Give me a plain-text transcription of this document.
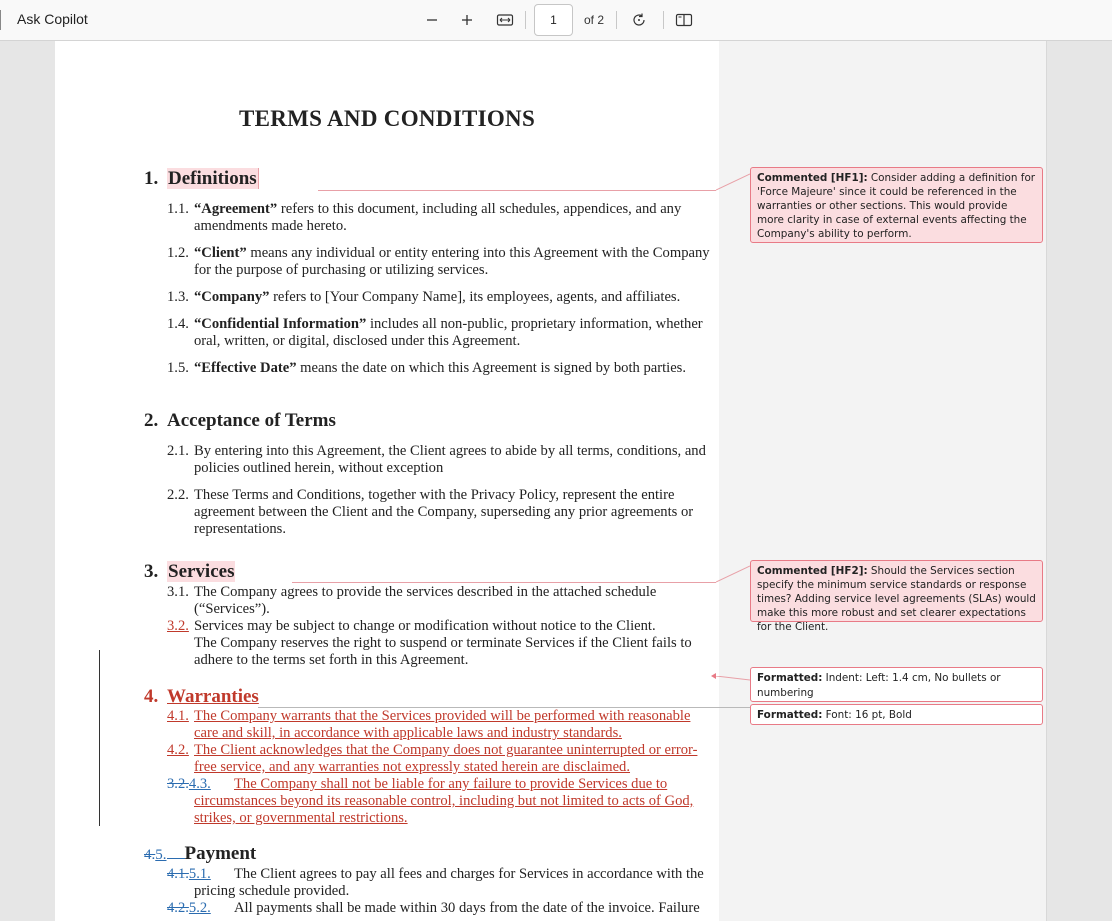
Ask Copilot	1	of 2
TERMS AND CONDITIONS
1. Definitions
1.1. “Agreement” refers to this document, including all schedules, appendices, and any amendments made hereto.
1.2. “Client” means any individual or entity entering into this Agreement with the Company for the purpose of purchasing or utilizing services.
1.3. “Company” refers to [Your Company Name], its employees, agents, and affiliates.
1.4. “Confidential Information” includes all non-public, proprietary information, whether oral, written, or digital, disclosed under this Agreement.
1.5. “Effective Date” means the date on which this Agreement is signed by both parties.
2. Acceptance of Terms
2.1. By entering into this Agreement, the Client agrees to abide by all terms, conditions, and policies outlined herein, without exception
2.2. These Terms and Conditions, together with the Privacy Policy, represent the entire agreement between the Client and the Company, superseding any prior agreements or representations.
3. Services
3.1. The Company agrees to provide the services described in the attached schedule (“Services”).
3.2. Services may be subject to change or modification without notice to the Client.
The Company reserves the right to suspend or terminate Services if the Client fails to adhere to the terms set forth in this Agreement.
4. Warranties
4.1. The Company warrants that the Services provided will be performed with reasonable care and skill, in accordance with applicable laws and industry standards.
4.2. The Client acknowledges that the Company does not guarantee uninterrupted or error-free service, and any warranties not expressly stated herein are disclaimed.
3.2.4.3.	The Company shall not be liable for any failure to provide Services due to circumstances beyond its reasonable control, including but not limited to acts of God, strikes, or governmental restrictions.
4.5. Payment
4.1.5.1.	The Client agrees to pay all fees and charges for Services in accordance with the pricing schedule provided.
4.2.5.2.	All payments shall be made within 30 days from the date of the invoice. Failure
Commented [HF1]: Consider adding a definition for 'Force Majeure' since it could be referenced in the warranties or other sections. This would provide more clarity in case of external events affecting the Company's ability to perform.
Commented [HF2]: Should the Services section specify the minimum service standards or response times? Adding service level agreements (SLAs) would make this more robust and set clearer expectations for the Client.
Formatted: Indent: Left: 1.4 cm, No bullets or numbering
Formatted: Font: 16 pt, Bold
